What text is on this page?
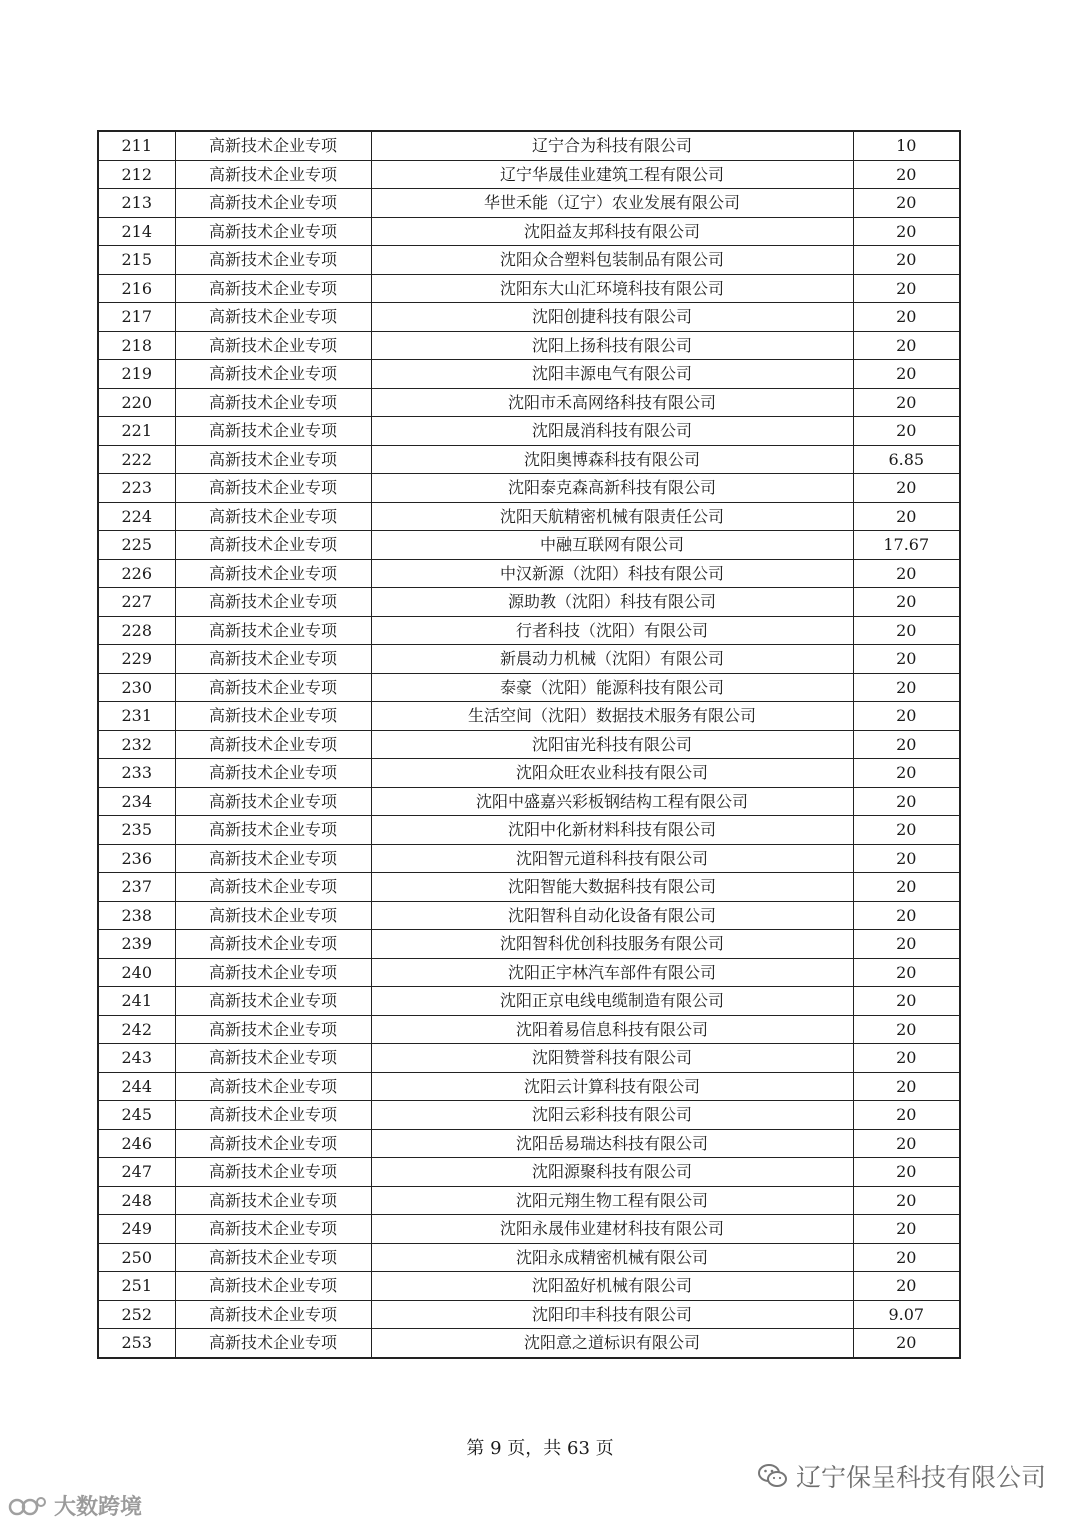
211	高新技术企业专项	辽宁合为科技有限公司	10
212	高新技术企业专项	辽宁华晟佳业建筑工程有限公司	20
213	高新技术企业专项	华世禾能（辽宁）农业发展有限公司	20
214	高新技术企业专项	沈阳益友邦科技有限公司	20
215	高新技术企业专项	沈阳众合塑料包装制品有限公司	20
216	高新技术企业专项	沈阳东大山汇环境科技有限公司	20
217	高新技术企业专项	沈阳创捷科技有限公司	20
218	高新技术企业专项	沈阳上扬科技有限公司	20
219	高新技术企业专项	沈阳丰源电气有限公司	20
220	高新技术企业专项	沈阳市禾高网络科技有限公司	20
221	高新技术企业专项	沈阳晟消科技有限公司	20
222	高新技术企业专项	沈阳奥博森科技有限公司	6.85
223	高新技术企业专项	沈阳泰克森高新科技有限公司	20
224	高新技术企业专项	沈阳天航精密机械有限责任公司	20
225	高新技术企业专项	中融互联网有限公司	17.67
226	高新技术企业专项	中汉新源（沈阳）科技有限公司	20
227	高新技术企业专项	源助教（沈阳）科技有限公司	20
228	高新技术企业专项	行者科技（沈阳）有限公司	20
229	高新技术企业专项	新晨动力机械（沈阳）有限公司	20
230	高新技术企业专项	泰豪（沈阳）能源科技有限公司	20
231	高新技术企业专项	生活空间（沈阳）数据技术服务有限公司	20
232	高新技术企业专项	沈阳宙光科技有限公司	20
233	高新技术企业专项	沈阳众旺农业科技有限公司	20
234	高新技术企业专项	沈阳中盛嘉兴彩板钢结构工程有限公司	20
235	高新技术企业专项	沈阳中化新材料科技有限公司	20
236	高新技术企业专项	沈阳智元道科科技有限公司	20
237	高新技术企业专项	沈阳智能大数据科技有限公司	20
238	高新技术企业专项	沈阳智科自动化设备有限公司	20
239	高新技术企业专项	沈阳智科优创科技服务有限公司	20
240	高新技术企业专项	沈阳正宇林汽车部件有限公司	20
241	高新技术企业专项	沈阳正京电线电缆制造有限公司	20
242	高新技术企业专项	沈阳着易信息科技有限公司	20
243	高新技术企业专项	沈阳赞誉科技有限公司	20
244	高新技术企业专项	沈阳云计算科技有限公司	20
245	高新技术企业专项	沈阳云彩科技有限公司	20
246	高新技术企业专项	沈阳岳易瑞达科技有限公司	20
247	高新技术企业专项	沈阳源聚科技有限公司	20
248	高新技术企业专项	沈阳元翔生物工程有限公司	20
249	高新技术企业专项	沈阳永晟伟业建材科技有限公司	20
250	高新技术企业专项	沈阳永成精密机械有限公司	20
251	高新技术企业专项	沈阳盈好机械有限公司	20
252	高新技术企业专项	沈阳印丰科技有限公司	9.07
253	高新技术企业专项	沈阳意之道标识有限公司	20
第 9 页，共 63 页
辽宁保呈科技有限公司
大数跨境
